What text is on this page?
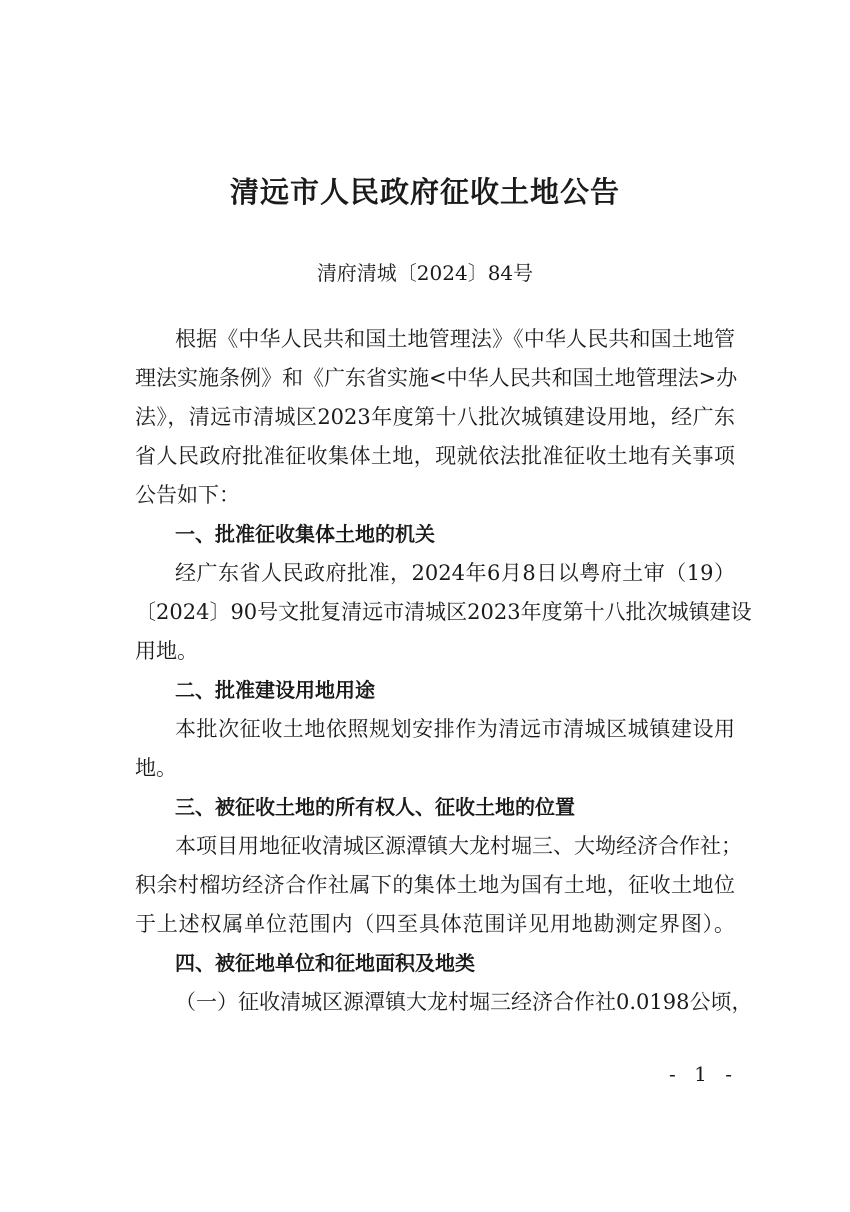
清远市人民政府征收土地公告

清府清城〔2024〕84号

根据《中华人民共和国土地管理法》《中华人民共和国土地管

理法实施条例》和《广东省实施<中华人民共和国土地管理法>办

法》，清远市清城区2023年度第十八批次城镇建设用地，经广东

省人民政府批准征收集体土地，现就依法批准征收土地有关事项

公告如下：

一、批准征收集体土地的机关

经广东省人民政府批准，2024年6月8日以粤府土审（19）

〔2024〕90号文批复清远市清城区2023年度第十八批次城镇建设

用地。

二、批准建设用地用途

本批次征收土地依照规划安排作为清远市清城区城镇建设用

地。

三、被征收土地的所有权人、征收土地的位置

本项目用地征收清城区源潭镇大龙村堀三、大坳经济合作社；

积余村榴坊经济合作社属下的集体土地为国有土地，征收土地位

于上述权属单位范围内（四至具体范围详见用地勘测定界图）。

四、被征地单位和征地面积及地类

（一）征收清城区源潭镇大龙村堀三经济合作社0.0198公顷，

- 1 -
